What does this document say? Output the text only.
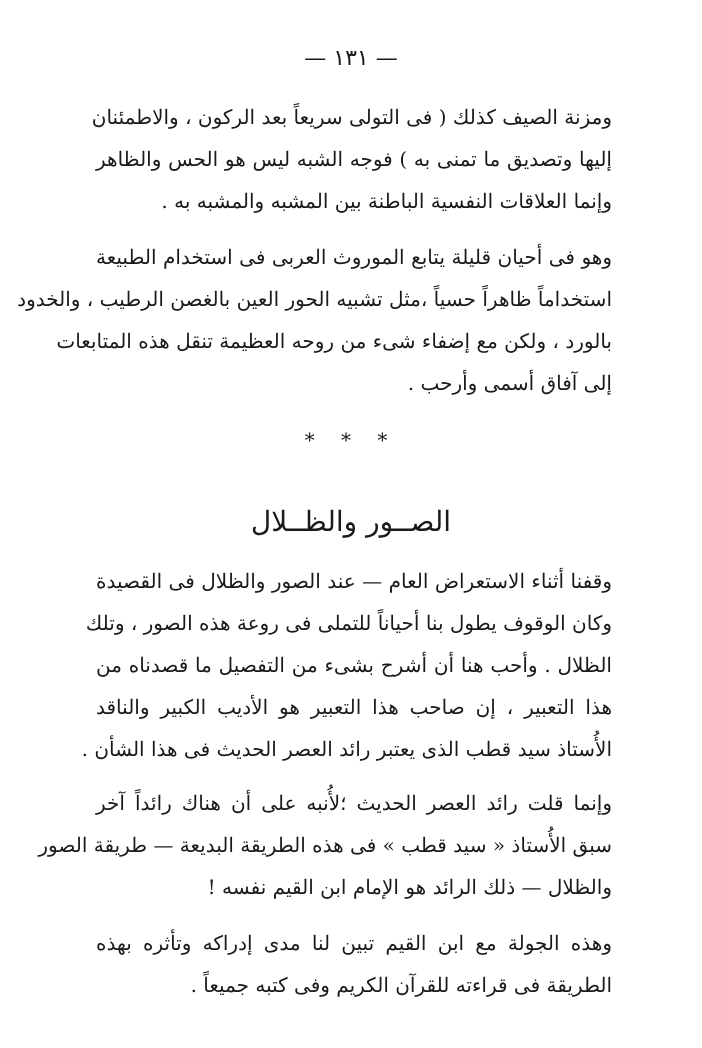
— ١٣١ —
ومزنة الصيف كذلك ( فى التولى سريعاً بعد الركون ، والاطمئنان
إليها وتصديق ما تمنى به ) فوجه الشبه ليس هو الحس والظاهر
وإنما العلاقات النفسية الباطنة بين المشبه والمشبه به .
وهو فى أحيان قليلة يتابع الموروث العربى فى استخدام الطبيعة
استخداماً ظاهراً حسياً ،مثل تشبيه الحور العين بالغصن الرطيب ، والخدود
بالورد ، ولكن مع إضفاء شىء من روحه العظيمة تنقل هذه المتابعات
إلى آفاق أسمى وأرحب .
* * *
الصــور والظــلال
وقفنا أثناء الاستعراض العام — عند الصور والظلال فى القصيدة
وكان الوقوف يطول بنا أحياناً للتملى فى روعة هذه الصور ، وتلك
الظلال . وأحب هنا أن أشرح بشىء من التفصيل ما قصدناه من
هذا التعبير ، إن صاحب هذا التعبير هو الأديب الكبير والناقد
الأُستاذ سيد قطب الذى يعتبر رائد العصر الحديث فى هذا الشأن .
وإنما قلت رائد العصر الحديث ؛لأُنبه على أن هناك رائداً آخر
سبق الأُستاذ « سيد قطب » فى هذه الطريقة البديعة — طريقة الصور
والظلال — ذلك الرائد هو الإمام ابن القيم نفسه !
وهذه الجولة مع ابن القيم تبين لنا مدى إدراكه وتأثره بهذه
الطريقة فى قراءته للقرآن الكريم وفى كتبه جميعاً .
